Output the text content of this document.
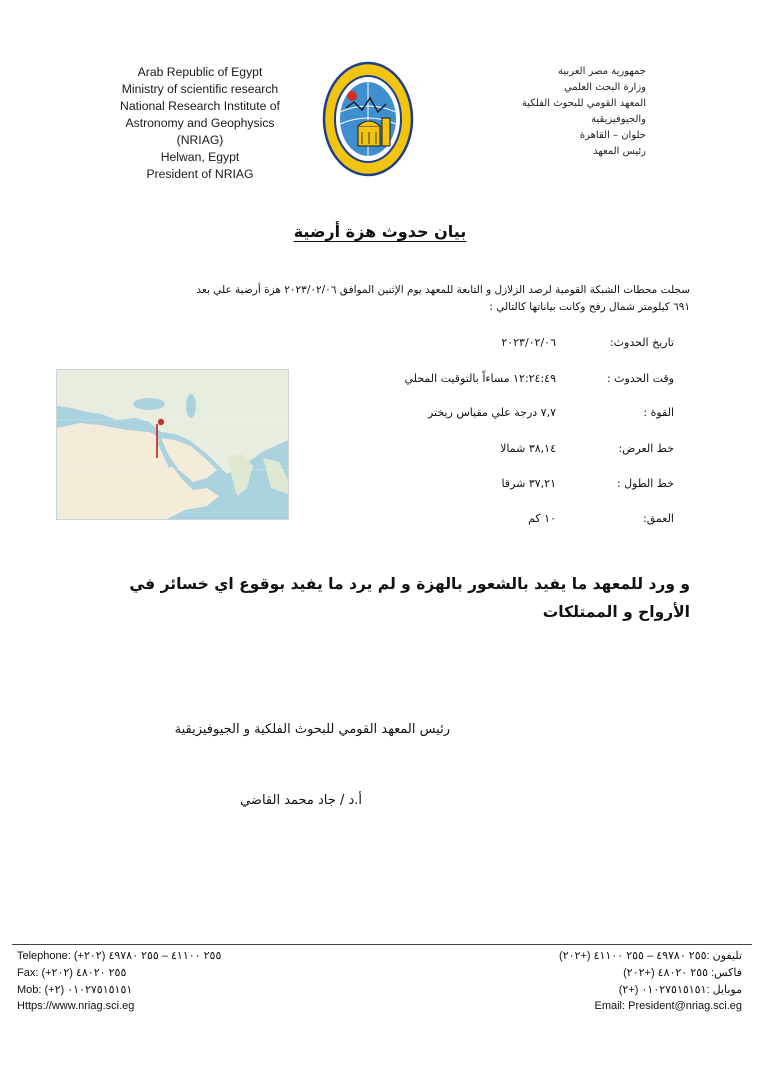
Arab Republic of Egypt
Ministry of scientific research
National Research Institute of
Astronomy and Geophysics
(NRIAG)
Helwan, Egypt
President of NRIAG
جمهورية مصر العربية
وزارة البحث العلمي
المعهد القومي للبحوث الفلكية
والجيوفيزيقية
حلوان – القاهرة
رئيس المعهد
بيان حدوث هزة أرضية
سجلت محطات الشبكة القومية لرصد الزلازل و التابعة للمعهد يوم الإثنين الموافق ٢٠٢٣/٠٢/٠٦ هزة أرضية علي بعد
٦٩١ كيلومتر شمال رفح وكانت بياناتها كالتالي :
تاريخ الحدوث:
٢٠٢٣/٠٢/٠٦
وقت الحدوث :
١٢:٢٤:٤٩ مساءاً بالتوقيت المحلي
القوة :
٧,٧ درجة علي مقياس ريختر
خط العرض:
٣٨,١٤ شمالا
خط الطول :
٣٧,٢١ شرقا
العمق:
١٠ كم
و ورد للمعهد ما يفيد بالشعور بالهزة و لم يرد ما يفيد بوقوع اي خسائر في
الأرواح و الممتلكات
رئيس المعهد القومي للبحوث الفلكية و الجيوفيزيقية
أ.د / جاد محمد القاضي
Telephone: (+٢٠٢) ٢٥٥ ٤١١٠٠ – ٢٥٥ ٤٩٧٨٠
Fax: (+٢٠٢) ٢٥٥ ٤٨٠٢٠
Mob: (+٢) ٠١٠٢٧٥١٥١٥١
Https://www.nriag.sci.eg
تليفون :٢٥٥ ٤٩٧٨٠ – ٢٥٥ ٤١١٠٠ (+٢٠٢)
فاكس: ٢٥٥ ٤٨٠٢٠ (+٢٠٢)
موبايل :٠١٠٢٧٥١٥١٥١ (+٢)
Email: President@nriag.sci.eg
